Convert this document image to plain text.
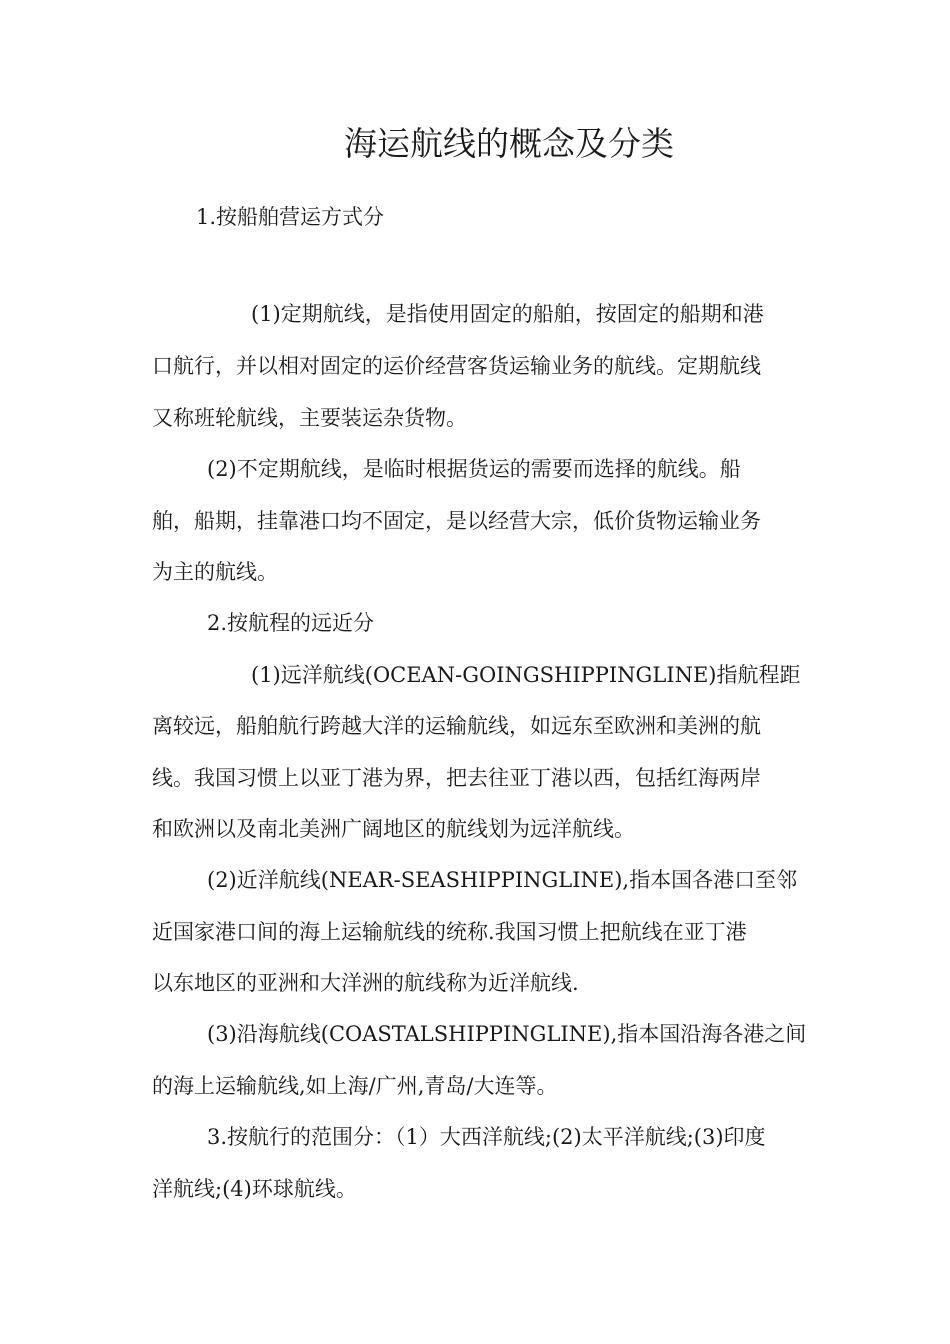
海运航线的概念及分类
1.按船舶营运方式分
(1)定期航线，是指使用固定的船舶，按固定的船期和港
口航行，并以相对固定的运价经营客货运输业务的航线。定期航线
又称班轮航线，主要装运杂货物。
(2)不定期航线，是临时根据货运的需要而选择的航线。船
舶，船期，挂靠港口均不固定，是以经营大宗，低价货物运输业务
为主的航线。
2.按航程的远近分
(1)远洋航线(OCEAN-GOINGSHIPPINGLINE)指航程距
离较远，船舶航行跨越大洋的运输航线，如远东至欧洲和美洲的航
线。我国习惯上以亚丁港为界，把去往亚丁港以西，包括红海两岸
和欧洲以及南北美洲广阔地区的航线划为远洋航线。
(2)近洋航线(NEAR-SEASHIPPINGLINE),指本国各港口至邻
近国家港口间的海上运输航线的统称.我国习惯上把航线在亚丁港
以东地区的亚洲和大洋洲的航线称为近洋航线.
(3)沿海航线(COASTALSHIPPINGLINE),指本国沿海各港之间
的海上运输航线,如上海/广州,青岛/大连等。
3.按航行的范围分：（1）大西洋航线;(2)太平洋航线;(3)印度
洋航线;(4)环球航线。
